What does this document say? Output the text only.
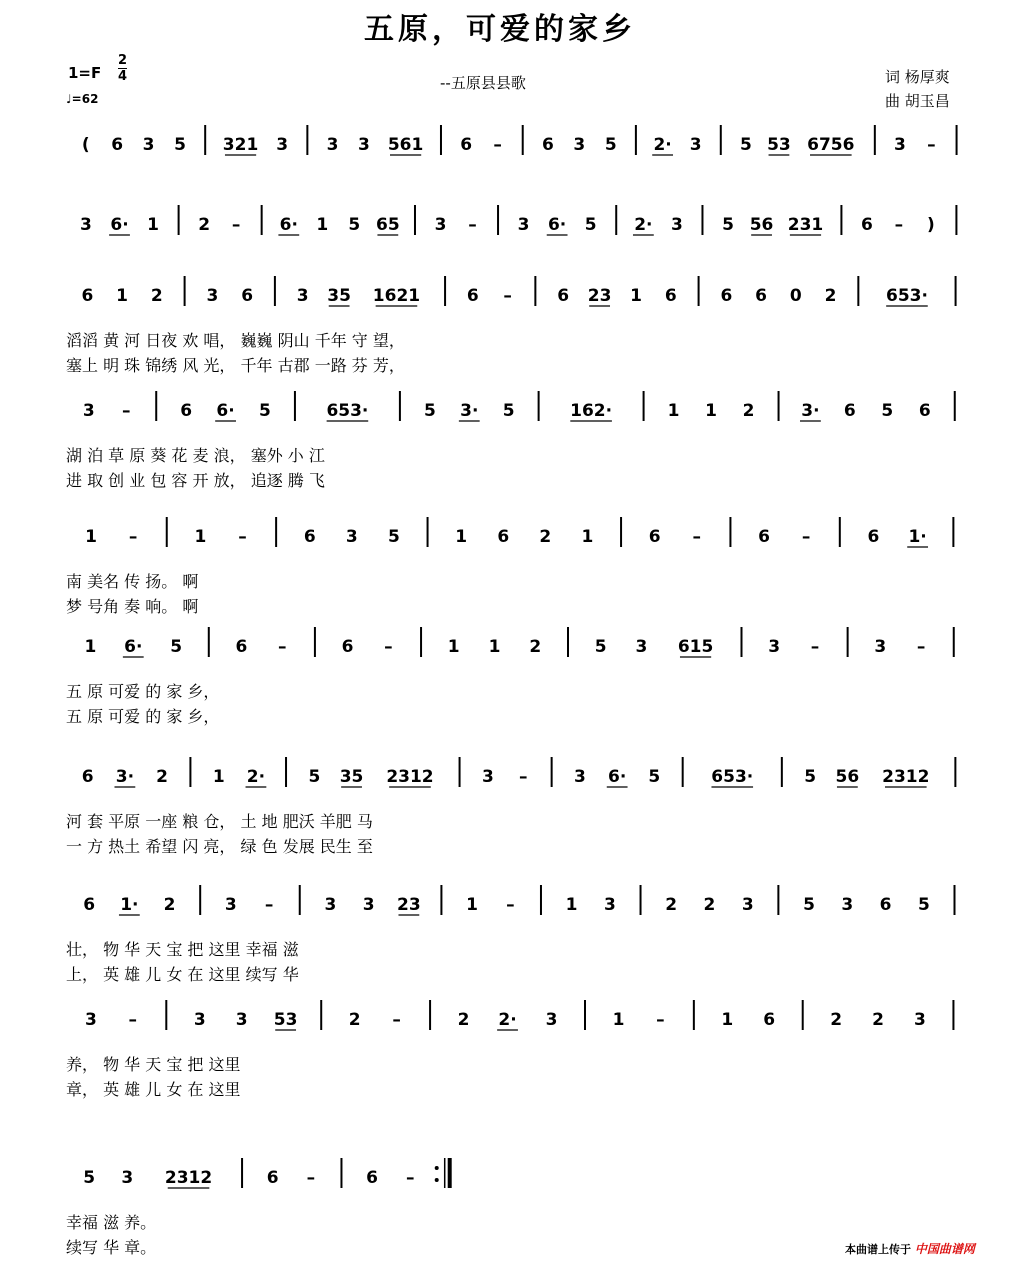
五原，可爱的家乡
1=F
2
4
♩=62
--五原县县歌	词 杨厚爽
曲 胡玉昌
( 6 3 5 321 3 3 3 561 6 – 6 3 5 2· 3 5 53 6756 3 –
3 6· 1 2 – 6· 1 5 65 3 – 3 6· 5 2· 3 5 56 231 6 – )
6 1 2	3 6	3 35 1621	6 –	6 23 1 6	6 6 0 2	653·
滔滔 黄 河 日夜 欢 唱， 巍巍 阴山 千年 守 望，
塞上 明 珠 锦绣 风 光， 千年 古郡 一路 芬 芳，
3 –	6 6· 5	653·	5 3· 5	162·	1 1 2	3· 6 5 6
湖 泊 草 原 葵 花 麦 浪， 塞外 小 江
进 取 创 业 包 容 开 放， 追逐 腾 飞
1 –	1 –	6 3 5	1 6 2 1	6 –	6 –	6 1·
南 美名 传 扬。 啊
梦 号角 奏 响。 啊
1 6· 5	6 –	6 –	1 1 2	5 3 615	3 –	3 –
五 原 可爱 的 家 乡，
五 原 可爱 的 家 乡，
6 3· 2	1 2·	5 35 2312	3 –	3 6· 5	653·	5 56 2312
河 套 平原 一座 粮 仓， 土 地 肥沃 羊肥 马
一 方 热土 希望 闪 亮， 绿 色 发展 民生 至
6 1· 2	3 –	3 3 23	1 –	1 3	2 2 3	5 3 6 5
壮， 物 华 天 宝 把 这里 幸福 滋
上， 英 雄 儿 女 在 这里 续写 华
3 –	3 3 53	2 –	2 2· 3	1 –	1 6	2 2 3
养， 物 华 天 宝 把 这里
章， 英 雄 儿 女 在 这里
5 3 2312	6 –	6 –
幸福 滋 养。
续写 华 章。	本曲谱上传于 中国曲谱网
